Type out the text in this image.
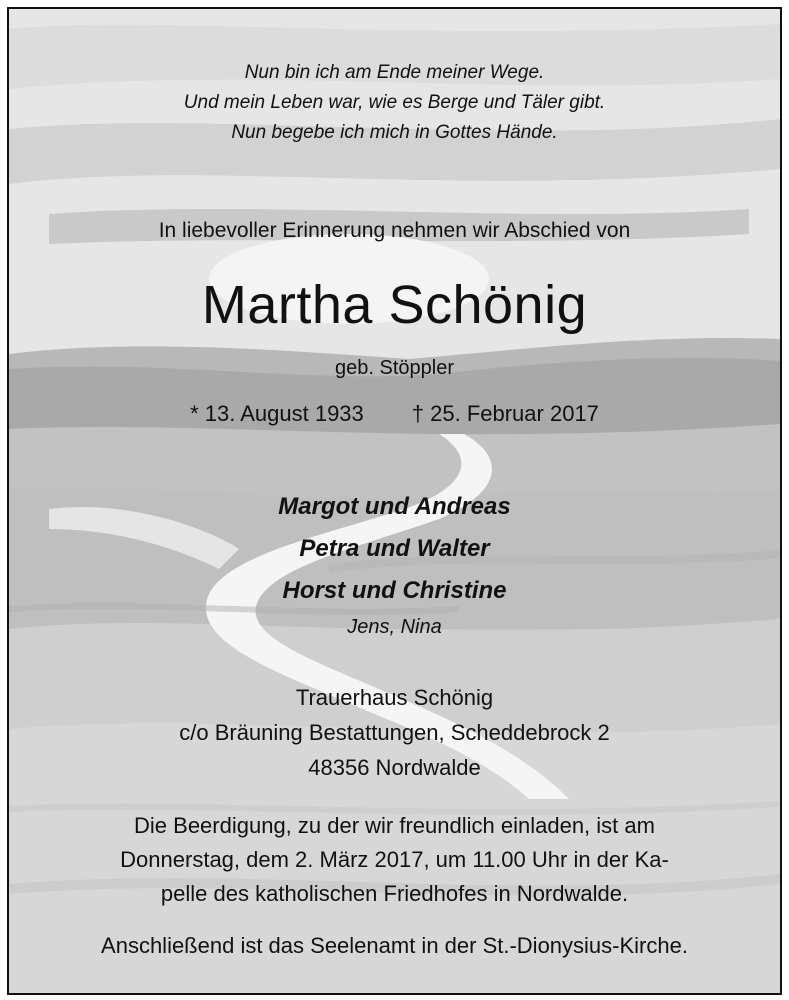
Nun bin ich am Ende meiner Wege.

Und mein Leben war, wie es Berge und Täler gibt.

Nun begebe ich mich in Gottes Hände.

In liebevoller Erinnerung nehmen wir Abschied von

Martha Schönig

geb. Stöppler

* 13. August 1933 † 25. Februar 2017

Margot und Andreas

Petra und Walter

Horst und Christine

Jens, Nina

Trauerhaus Schönig

c/o Bräuning Bestattungen, Scheddebrock 2

48356 Nordwalde

Die Beerdigung, zu der wir freundlich einladen, ist am

Donnerstag, dem 2. März 2017, um 11.00 Uhr in der Ka-

pelle des katholischen Friedhofes in Nordwalde.

Anschließend ist das Seelenamt in der St.-Dionysius-Kirche.
